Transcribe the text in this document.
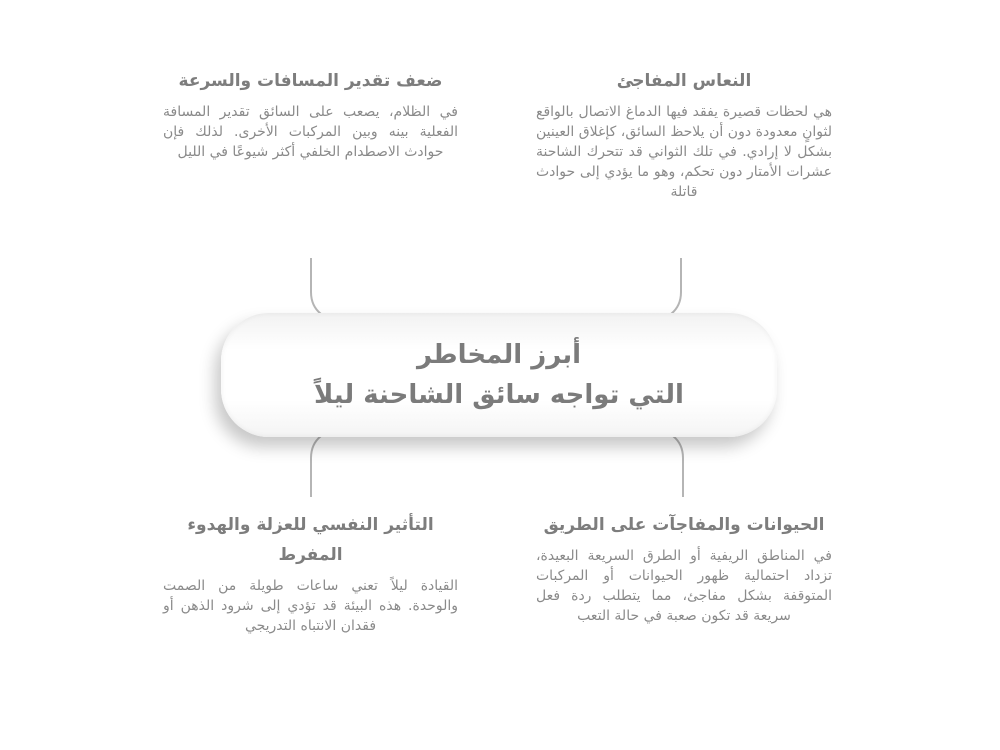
أبرز المخاطر
التي تواجه سائق الشاحنة ليلاً
النعاس المفاجئ
هي لحظات قصيرة يفقد فيها الدماغ الاتصال بالواقع لثوانٍ معدودة دون أن يلاحظ السائق، كإغلاق العينين بشكل لا إرادي. في تلك الثواني قد تتحرك الشاحنة عشرات الأمتار دون تحكم، وهو ما يؤدي إلى حوادث قاتلة
ضعف تقدير المسافات والسرعة
في الظلام، يصعب على السائق تقدير المسافة الفعلية بينه وبين المركبات الأخرى. لذلك فإن حوادث الاصطدام الخلفي أكثر شيوعًا في الليل
الحيوانات والمفاجآت على الطريق
في المناطق الريفية أو الطرق السريعة البعيدة، تزداد احتمالية ظهور الحيوانات أو المركبات المتوقفة بشكل مفاجئ، مما يتطلب ردة فعل سريعة قد تكون صعبة في حالة التعب
التأثير النفسي للعزلة والهدوء المفرط
القيادة ليلاً تعني ساعات طويلة من الصمت والوحدة. هذه البيئة قد تؤدي إلى شرود الذهن أو فقدان الانتباه التدريجي
